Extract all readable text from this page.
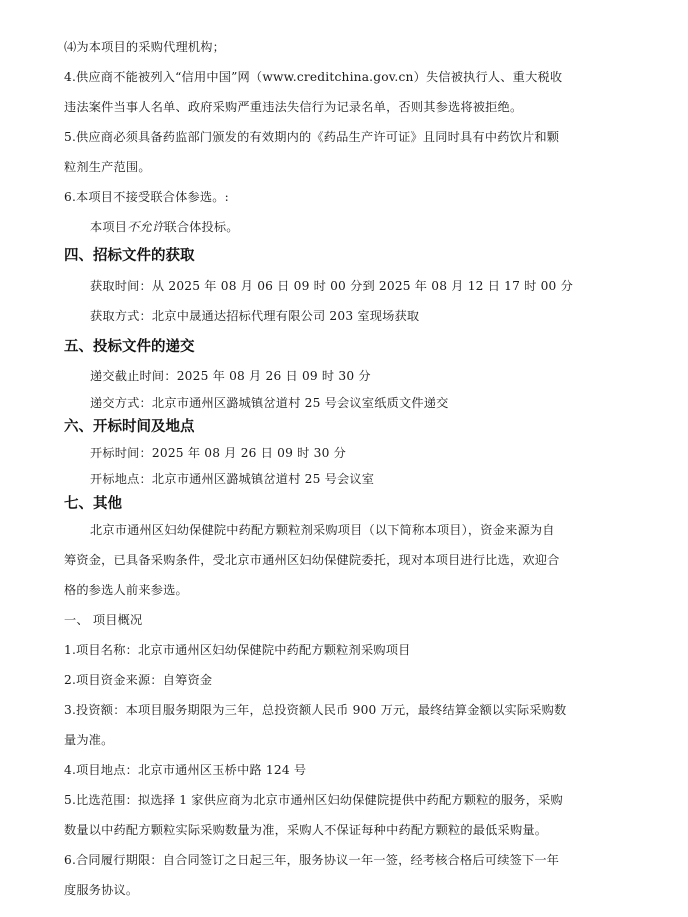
⑷为本项目的采购代理机构；
4.供应商不能被列入“信用中国”网（www.creditchina.gov.cn）失信被执行人、重大税收
违法案件当事人名单、政府采购严重违法失信行为记录名单，否则其参选将被拒绝。
5.供应商必须具备药监部门颁发的有效期内的《药品生产许可证》且同时具有中药饮片和颗
粒剂生产范围。
6.本项目不接受联合体参选。:
本项目不允许联合体投标。
四、招标文件的获取
获取时间：从 2025 年 08 月 06 日 09 时 00 分到 2025 年 08 月 12 日 17 时 00 分
获取方式：北京中晟通达招标代理有限公司 203 室现场获取
五、投标文件的递交
递交截止时间：2025 年 08 月 26 日 09 时 30 分
递交方式：北京市通州区潞城镇岔道村 25 号会议室纸质文件递交
六、开标时间及地点
开标时间：2025 年 08 月 26 日 09 时 30 分
开标地点：北京市通州区潞城镇岔道村 25 号会议室
七、其他
北京市通州区妇幼保健院中药配方颗粒剂采购项目（以下简称本项目），资金来源为自
筹资金，已具备采购条件，受北京市通州区妇幼保健院委托，现对本项目进行比选，欢迎合
格的参选人前来参选。
一、 项目概况
1.项目名称：北京市通州区妇幼保健院中药配方颗粒剂采购项目
2.项目资金来源：自筹资金
3.投资额：本项目服务期限为三年，总投资额人民币 900 万元，最终结算金额以实际采购数
量为准。
4.项目地点：北京市通州区玉桥中路 124 号
5.比选范围：拟选择 1 家供应商为北京市通州区妇幼保健院提供中药配方颗粒的服务，采购
数量以中药配方颗粒实际采购数量为准，采购人不保证每种中药配方颗粒的最低采购量。
6.合同履行期限：自合同签订之日起三年，服务协议一年一签，经考核合格后可续签下一年
度服务协议。
